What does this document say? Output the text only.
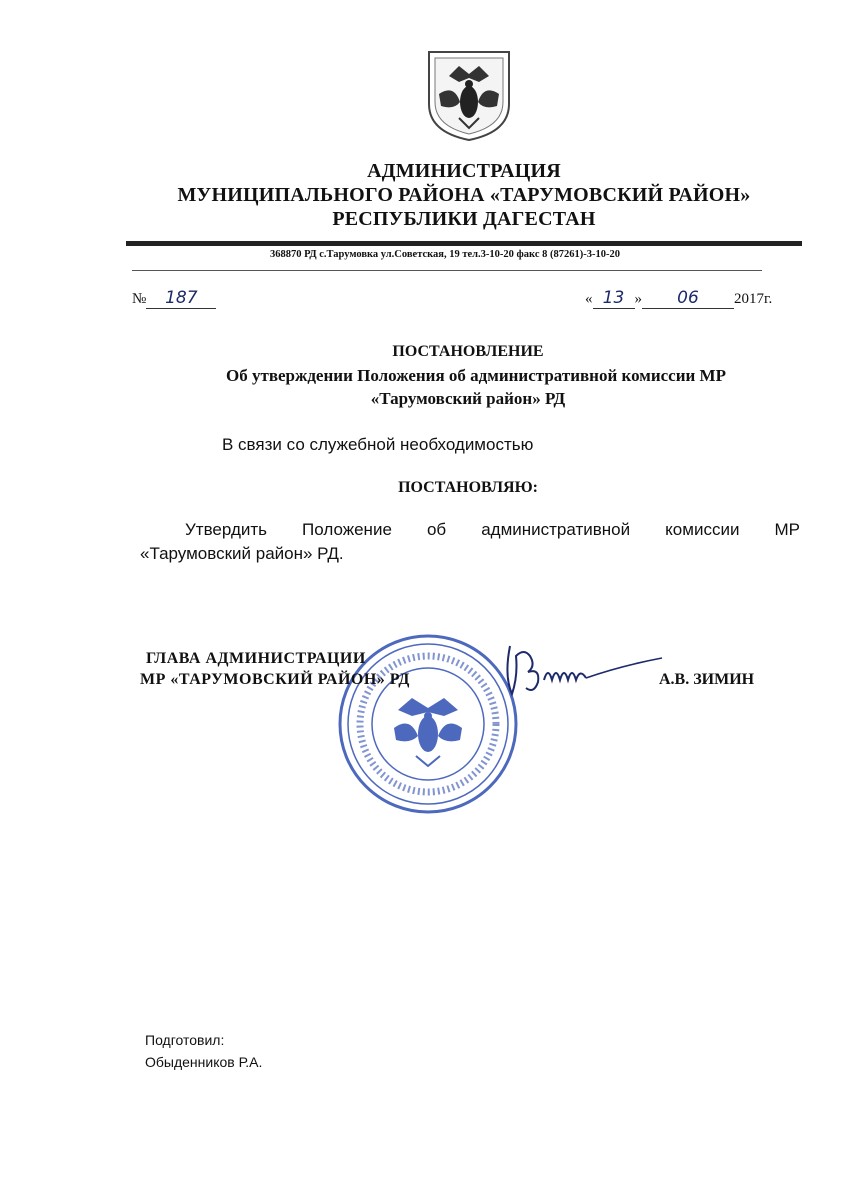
АДМИНИСТРАЦИЯ
МУНИЦИПАЛЬНОГО РАЙОНА «ТАРУМОВСКИЙ РАЙОН»
РЕСПУБЛИКИ ДАГЕСТАН
368870 РД с.Тарумовка ул.Советская, 19 тел.3-10-20 факс 8 (87261)-3-10-20
№ 187	« 13 » 06 2017г.
ПОСТАНОВЛЕНИЕ
Об утверждении Положения об административной комиссии МР
«Тарумовский район» РД
В связи со служебной необходимостью
ПОСТАНОВЛЯЮ:
Утвердить Положение об административной комиссии МР
«Тарумовский район» РД.
ГЛАВА АДМИНИСТРАЦИИ
МР «ТАРУМОВСКИЙ РАЙОН» РД	А.В. ЗИМИН
Подготовил:
Обыденников Р.А.
